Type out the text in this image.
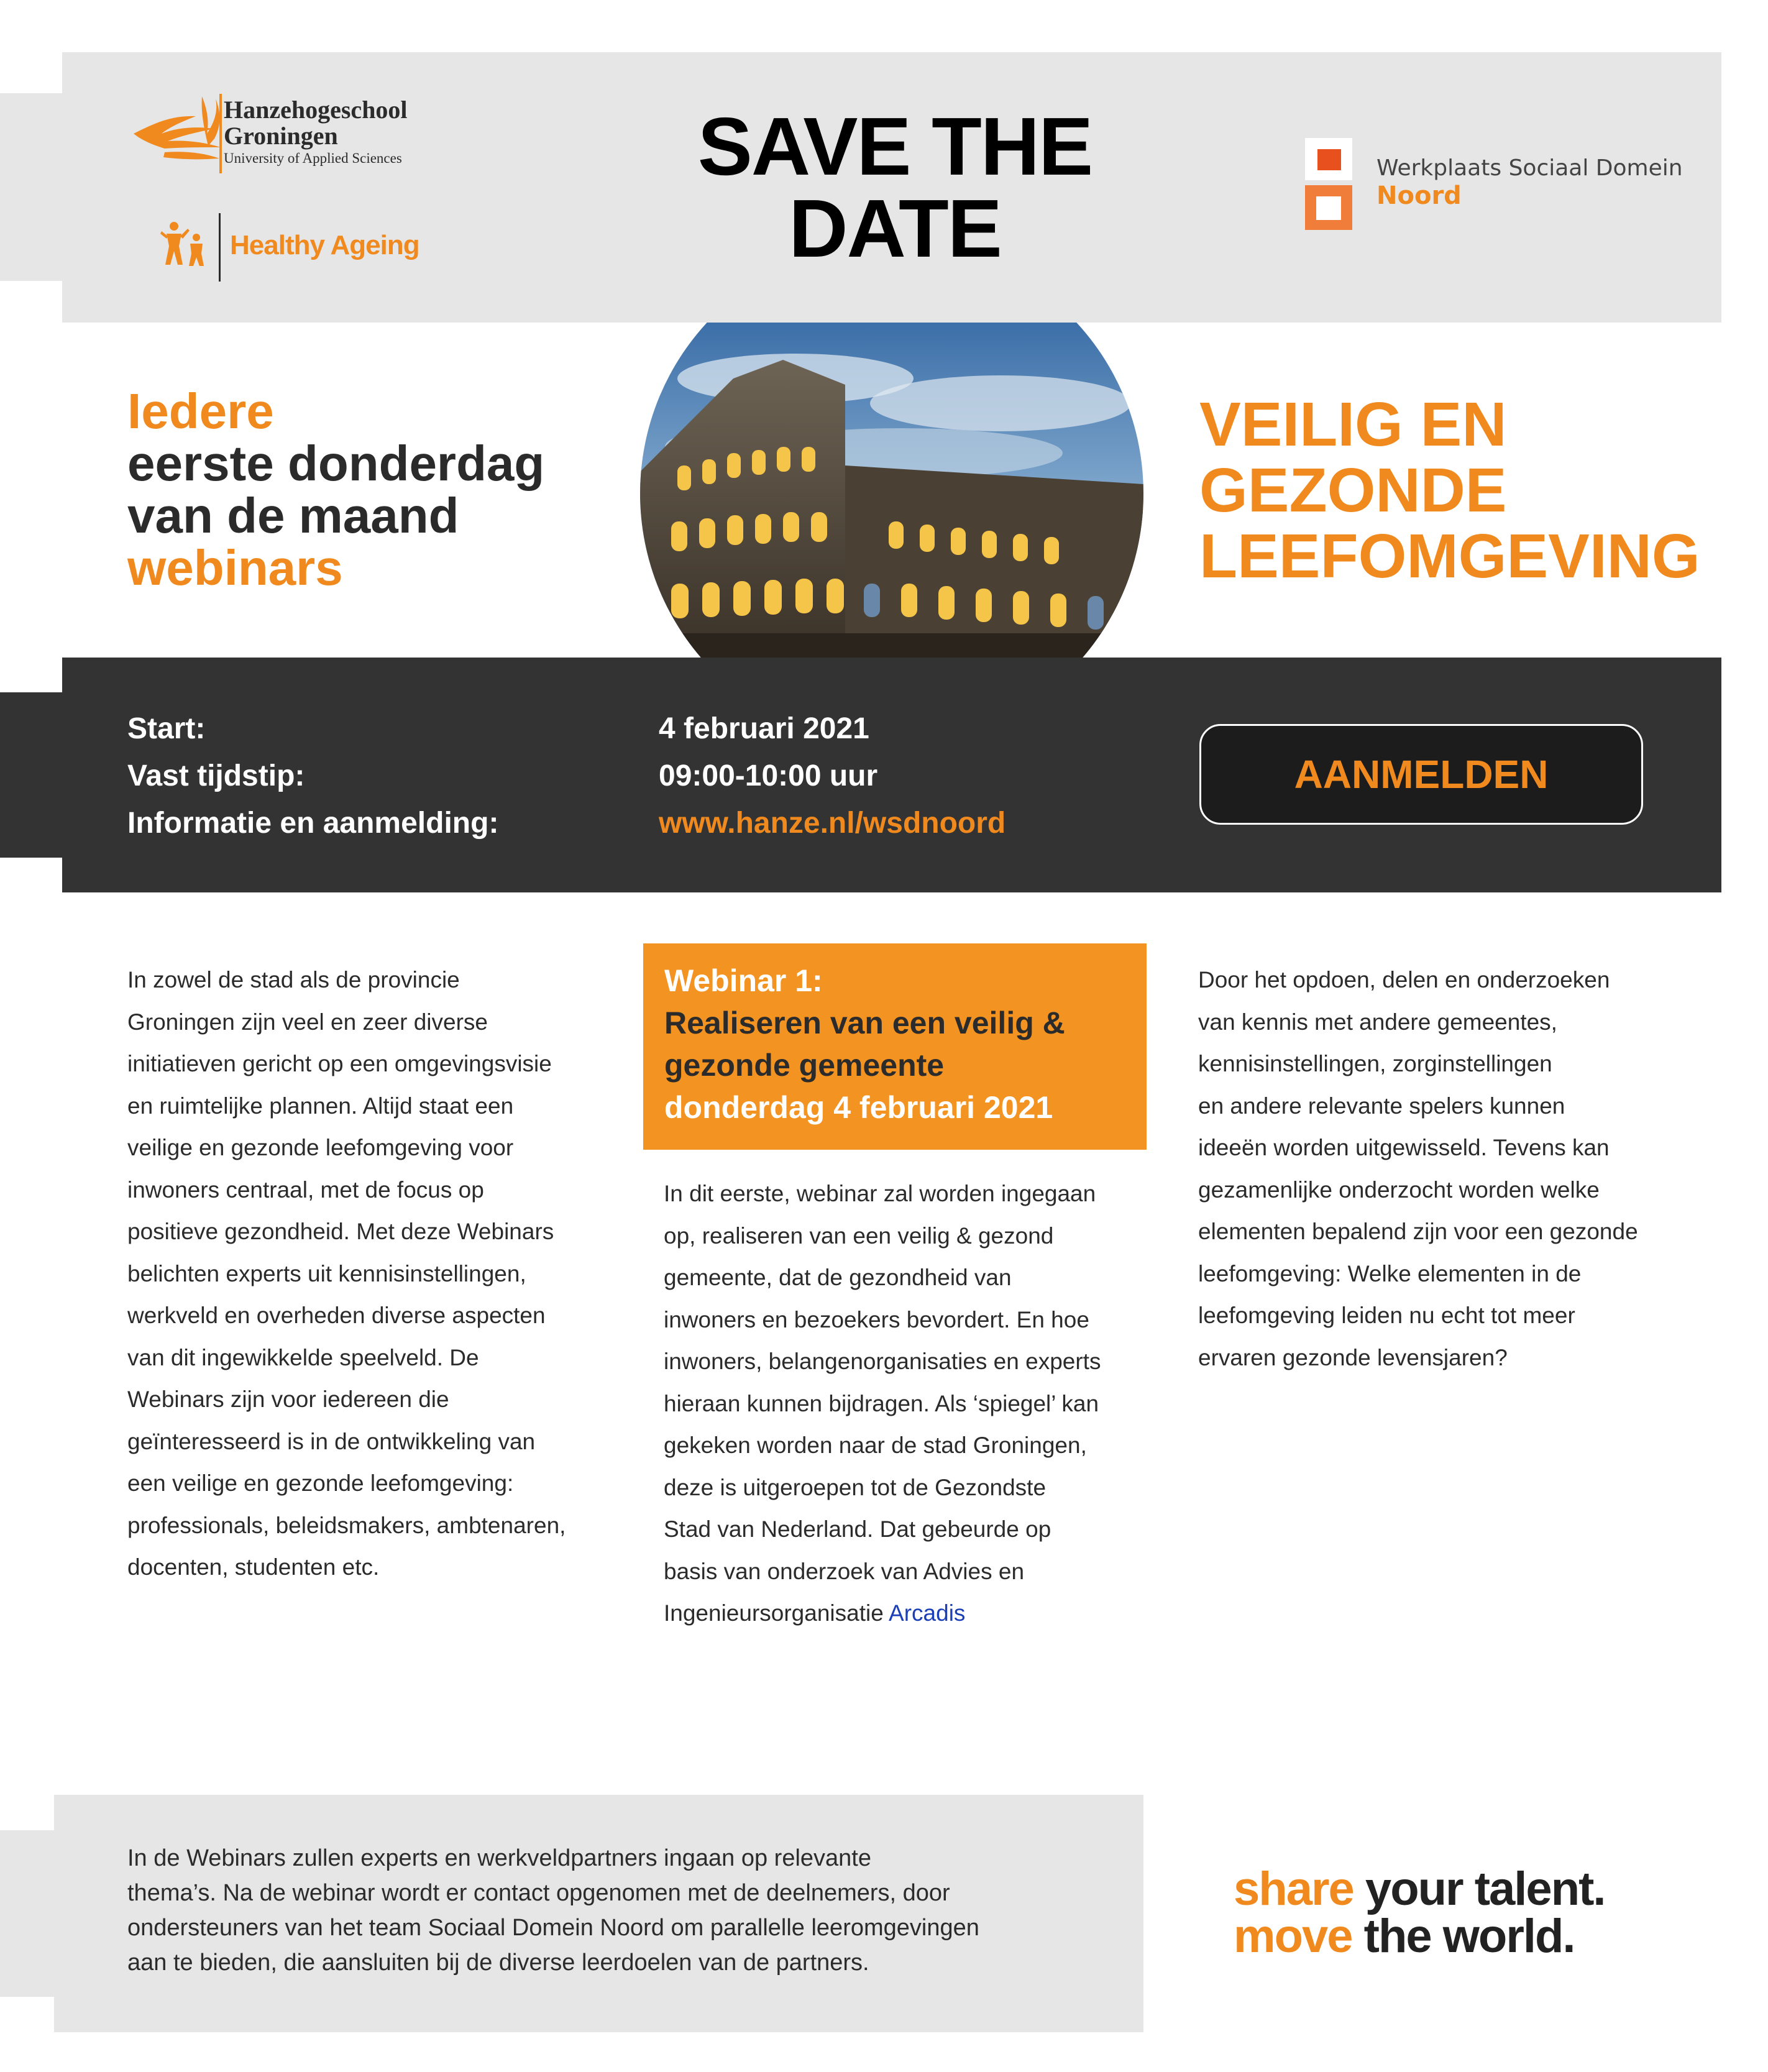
Hanzehogeschool
Groningen
University of Applied Sciences
Healthy Ageing
SAVE THE
DATE
Werkplaats Sociaal Domein
Noord
Iedere
eerste donderdag
van de maand
webinars
VEILIG EN
GEZONDE
LEEFOMGEVING
Start:
Vast tijdstip:
Informatie en aanmelding:
4 februari 2021
09:00-10:00 uur
www.hanze.nl/wsdnoord
AANMELDEN
In zowel de stad als de provincie
Groningen zijn veel en zeer diverse
initiatieven gericht op een omgevingsvisie
en ruimtelijke plannen. Altijd staat een
veilige en gezonde leefomgeving voor
inwoners centraal, met de focus op
positieve gezondheid. Met deze Webinars
belichten experts uit kennisinstellingen,
werkveld en overheden diverse aspecten
van dit ingewikkelde speelveld. De
Webinars zijn voor iedereen die
geïnteresseerd is in de ontwikkeling van
een veilige en gezonde leefomgeving:
professionals, beleidsmakers, ambtenaren,
docenten, studenten etc.
Webinar 1:
Realiseren van een veilig &
gezonde gemeente
donderdag 4 februari 2021
In dit eerste, webinar zal worden ingegaan
op, realiseren van een veilig & gezond
gemeente, dat de gezondheid van
inwoners en bezoekers bevordert. En hoe
inwoners, belangenorganisaties en experts
hieraan kunnen bijdragen. Als ‘spiegel’ kan
gekeken worden naar de stad Groningen,
deze is uitgeroepen tot de Gezondste
Stad van Nederland. Dat gebeurde op
basis van onderzoek van Advies en
Ingenieursorganisatie Arcadis
Door het opdoen, delen en onderzoeken
van kennis met andere gemeentes,
kennisinstellingen, zorginstellingen
en andere relevante spelers kunnen
ideeën worden uitgewisseld. Tevens kan
gezamenlijke onderzocht worden welke
elementen bepalend zijn voor een gezonde
leefomgeving: Welke elementen in de
leefomgeving leiden nu echt tot meer
ervaren gezonde levensjaren?
In de Webinars zullen experts en werkveldpartners ingaan op relevante
thema’s. Na de webinar wordt er contact opgenomen met de deelnemers, door
ondersteuners van het team Sociaal Domein Noord om parallelle leeromgevingen
aan te bieden, die aansluiten bij de diverse leerdoelen van de partners.
share your talent.
move the world.
